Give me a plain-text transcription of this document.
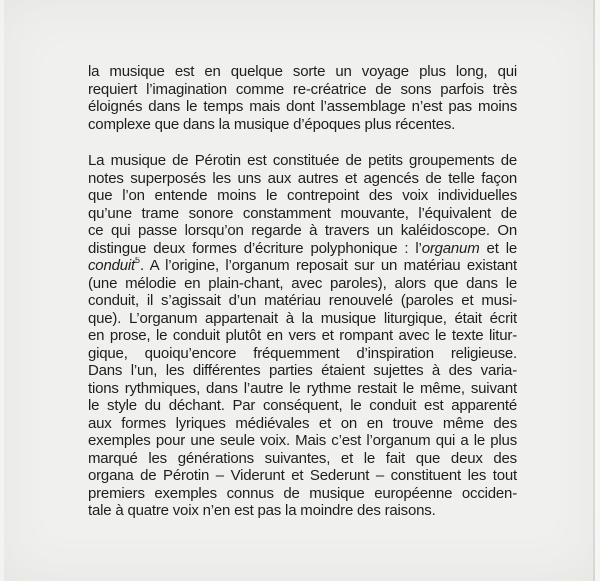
la musique est en quelque sorte un voyage plus long, qui
requiert l’imagination comme re-créatrice de sons parfois très
éloignés dans le temps mais dont l’assemblage n’est pas moins
complexe que dans la musique d’époques plus récentes.
La musique de Pérotin est constituée de petits groupements de
notes superposés les uns aux autres et agencés de telle façon
que l’on entende moins le contrepoint des voix individuelles
qu’une trame sonore constamment mouvante, l’équivalent de
ce qui passe lorsqu’on regarde à travers un kaléidoscope. On
distingue deux formes d’écriture polyphonique : l’organum et le
conduit$^5$. A l’origine, l’organum reposait sur un matériau existant
(une mélodie en plain-chant, avec paroles), alors que dans le
conduit, il s’agissait d’un matériau renouvelé (paroles et musi-
que). L’organum appartenait à la musique liturgique, était écrit
en prose, le conduit plutôt en vers et rompant avec le texte litur-
gique, quoiqu’encore fréquemment d’inspiration religieuse.
Dans l’un, les différentes parties étaient sujettes à des varia-
tions rythmiques, dans l’autre le rythme restait le même, suivant
le style du déchant. Par conséquent, le conduit est apparenté
aux formes lyriques médiévales et on en trouve même des
exemples pour une seule voix. Mais c’est l’organum qui a le plus
marqué les générations suivantes, et le fait que deux des
organa de Pérotin – Viderunt et Sederunt – constituent les tout
premiers exemples connus de musique européenne occiden-
tale à quatre voix n’en est pas la moindre des raisons.
